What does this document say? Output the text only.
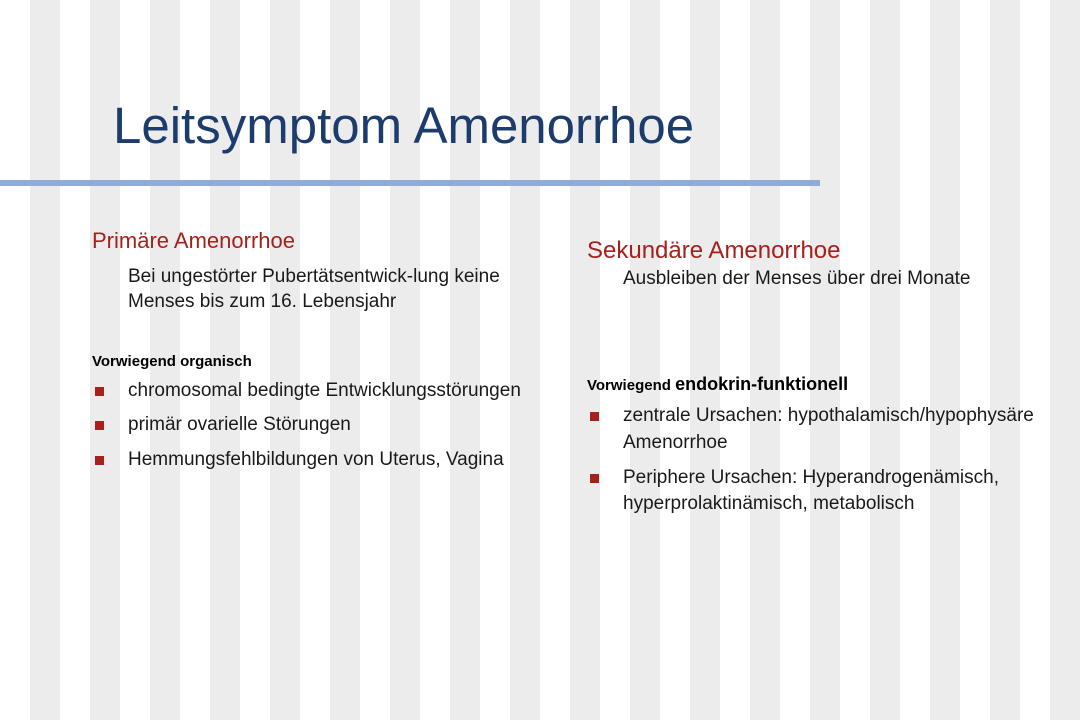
Leitsymptom Amenorrhoe
Primäre Amenorrhoe

Bei ungestörter Pubertätsentwick-lung keine Menses bis zum 16. Lebensjahr

Vorwiegend organisch

chromosomal bedingte Entwicklungsstörungen
primär ovarielle Störungen
Hemmungsfehlbildungen von Uterus, Vagina
Sekundäre Amenorrhoe

Ausbleiben der Menses über drei Monate

Vorwiegend endokrin-funktionell

zentrale Ursachen: hypothalamisch/hypophysäre Amenorrhoe
Periphere Ursachen: Hyperandrogenämisch, hyperprolaktinämisch, metabolisch
